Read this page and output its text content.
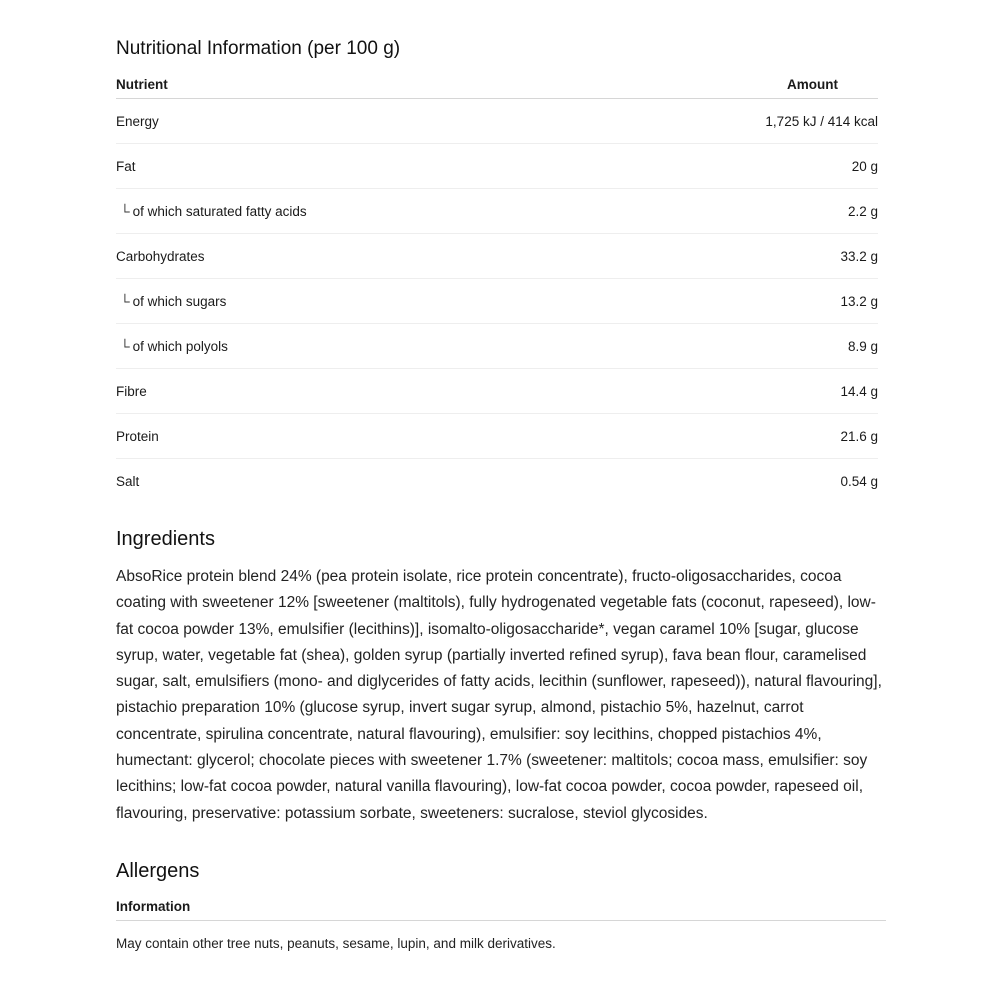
Nutritional Information (per 100 g)
Nutrient	Amount
Energy	1,725 kJ / 414 kcal
Fat	20 g
└ of which saturated fatty acids	2.2 g
Carbohydrates	33.2 g
└ of which sugars	13.2 g
└ of which polyols	8.9 g
Fibre	14.4 g
Protein	21.6 g
Salt	0.54 g
Ingredients

AbsoRice protein blend 24% (pea protein isolate, rice protein concentrate), fructo-oligosaccharides, cocoa coating with sweetener 12% [sweetener (maltitols), fully hydrogenated vegetable fats (coconut, rapeseed), low-fat cocoa powder 13%, emulsifier (lecithins)], isomalto-oligosaccharide*, vegan caramel 10% [sugar, glucose syrup, water, vegetable fat (shea), golden syrup (partially inverted refined syrup), fava bean flour, caramelised sugar, salt, emulsifiers (mono- and diglycerides of fatty acids, lecithin (sunflower, rapeseed)), natural flavouring], pistachio preparation 10% (glucose syrup, invert sugar syrup, almond, pistachio 5%, hazelnut, carrot concentrate, spirulina concentrate, natural flavouring), emulsifier: soy lecithins, chopped pistachios 4%, humectant: glycerol; chocolate pieces with sweetener 1.7% (sweetener: maltitols; cocoa mass, emulsifier: soy lecithins; low-fat cocoa powder, natural vanilla flavouring), low-fat cocoa powder, cocoa powder, rapeseed oil, flavouring, preservative: potassium sorbate, sweeteners: sucralose, steviol glycosides.

Allergens
Information
May contain other tree nuts, peanuts, sesame, lupin, and milk derivatives.
